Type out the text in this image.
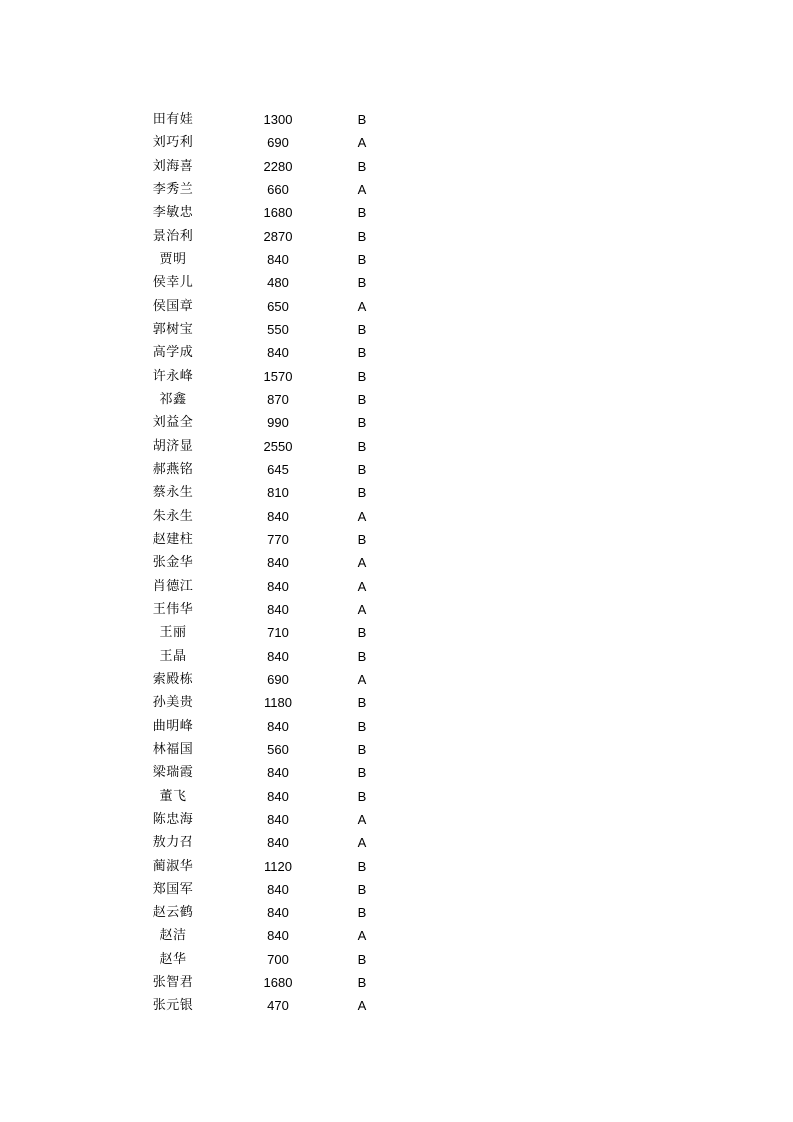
田有娃	1300	B
刘巧利	690	A
刘海喜	2280	B
李秀兰	660	A
李敏忠	1680	B
景治利	2870	B
贾明	840	B
侯幸儿	480	B
侯国章	650	A
郭树宝	550	B
高学成	840	B
许永峰	1570	B
祁鑫	870	B
刘益全	990	B
胡济显	2550	B
郝燕铭	645	B
蔡永生	810	B
朱永生	840	A
赵建柱	770	B
张金华	840	A
肖德江	840	A
王伟华	840	A
王丽	710	B
王晶	840	B
索殿栋	690	A
孙美贵	1180	B
曲明峰	840	B
林福国	560	B
梁瑞霞	840	B
董飞	840	B
陈忠海	840	A
敖力召	840	A
蔺淑华	1120	B
郑国军	840	B
赵云鹤	840	B
赵洁	840	A
赵华	700	B
张智君	1680	B
张元银	470	A
